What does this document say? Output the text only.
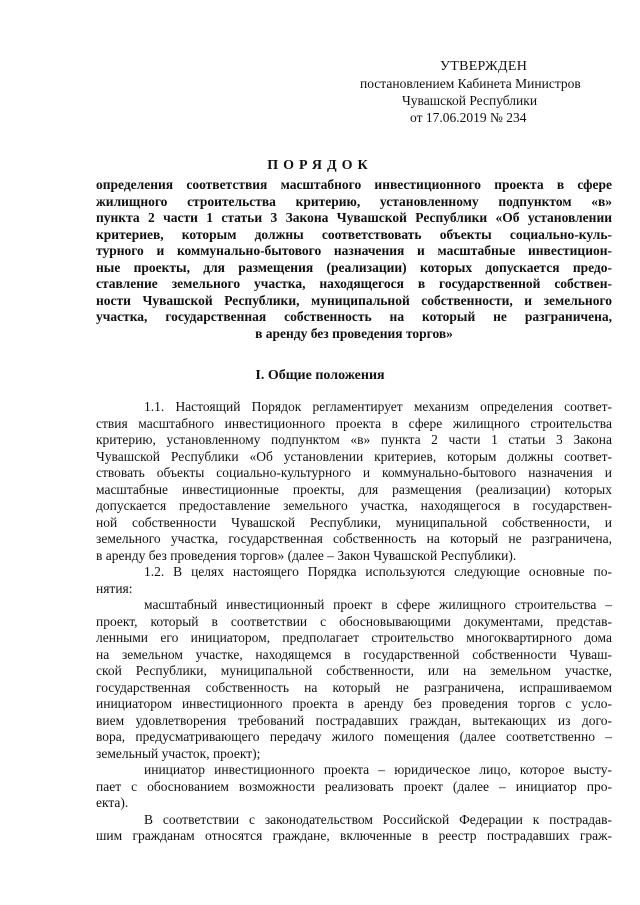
УТВЕРЖДЕН
постановлением Кабинета Министров
Чувашской Республики
от 17.06.2019 № 234
ПОРЯДОК
определения соответствия масштабного инвестиционного проекта в сфере
жилищного строительства критерию, установленному подпунктом «в»
пункта 2 части 1 статьи 3 Закона Чувашской Республики «Об установлении
критериев, которым должны соответствовать объекты социально-куль-
турного и коммунально-бытового назначения и масштабные инвестицион-
ные проекты, для размещения (реализации) которых допускается предо-
ставление земельного участка, находящегося в государственной собствен-
ности Чувашской Республики, муниципальной собственности, и земельного
участка, государственная собственность на который не разграничена,
в аренду без проведения торгов»
I. Общие положения
1.1. Настоящий Порядок регламентирует механизм определения соответ-
ствия масштабного инвестиционного проекта в сфере жилищного строительства
критерию, установленному подпунктом «в» пункта 2 части 1 статьи 3 Закона
Чувашской Республики «Об установлении критериев, которым должны соответ-
ствовать объекты социально-культурного и коммунально-бытового назначения и
масштабные инвестиционные проекты, для размещения (реализации) которых
допускается предоставление земельного участка, находящегося в государствен-
ной собственности Чувашской Республики, муниципальной собственности, и
земельного участка, государственная собственность на который не разграничена,
в аренду без проведения торгов» (далее – Закон Чувашской Республики).
1.2. В целях настоящего Порядка используются следующие основные по-
нятия:
масштабный инвестиционный проект в сфере жилищного строительства –
проект, который в соответствии с обосновывающими документами, представ-
ленными его инициатором, предполагает строительство многоквартирного дома
на земельном участке, находящемся в государственной собственности Чуваш-
ской Республики, муниципальной собственности, или на земельном участке,
государственная собственность на который не разграничена, испрашиваемом
инициатором инвестиционного проекта в аренду без проведения торгов с усло-
вием удовлетворения требований пострадавших граждан, вытекающих из дого-
вора, предусматривающего передачу жилого помещения (далее соответственно –
земельный участок, проект);
инициатор инвестиционного проекта – юридическое лицо, которое высту-
пает с обоснованием возможности реализовать проект (далее – инициатор про-
екта).
В соответствии с законодательством Российской Федерации к пострадав-
шим гражданам относятся граждане, включенные в реестр пострадавших граж-
